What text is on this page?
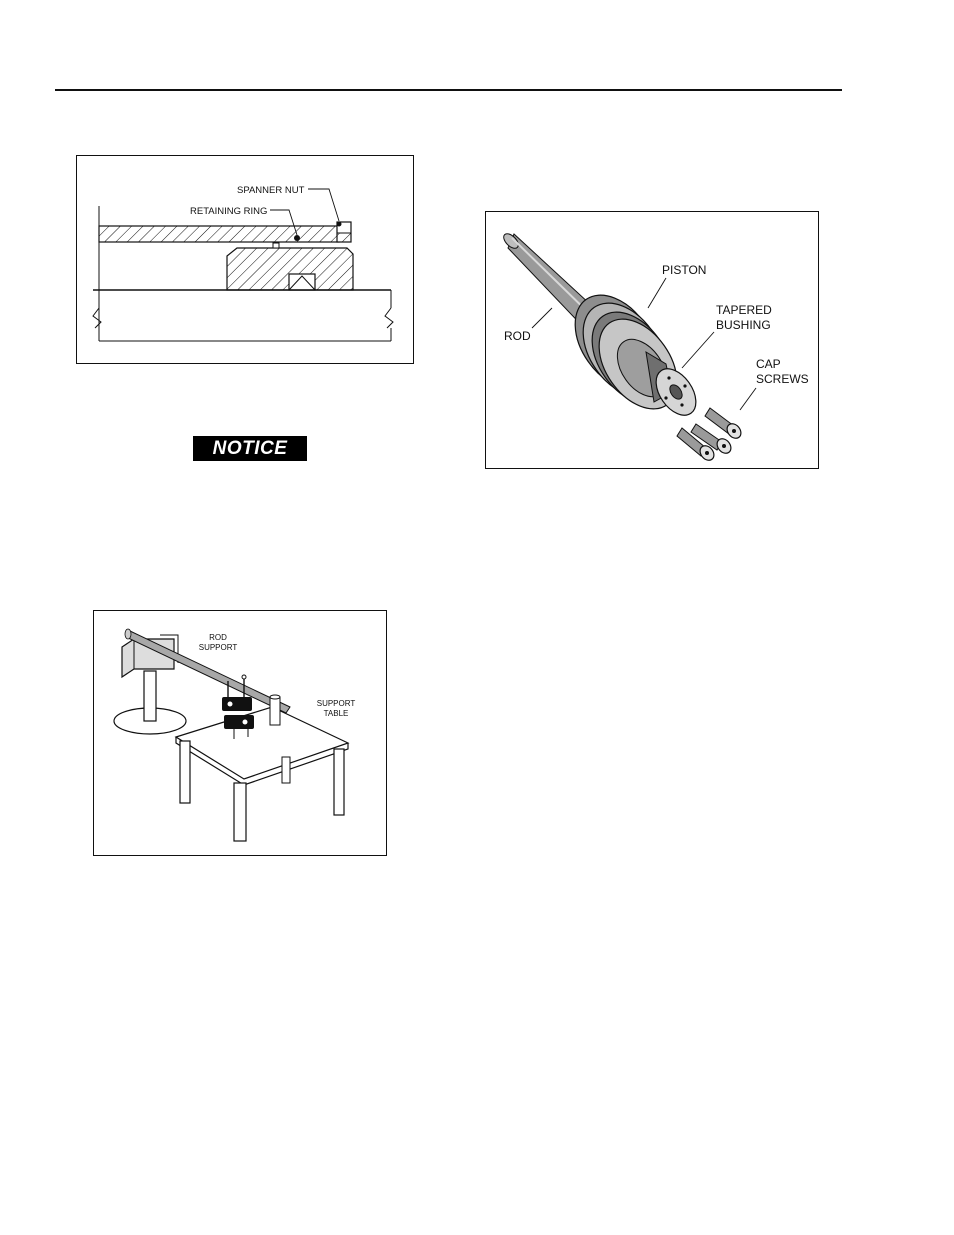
SPANNER NUT
RETAINING RING
PISTON
TAPERED
BUSHING
ROD
CAP
SCREWS
NOTICE
ROD
SUPPORT
SUPPORT
TABLE
